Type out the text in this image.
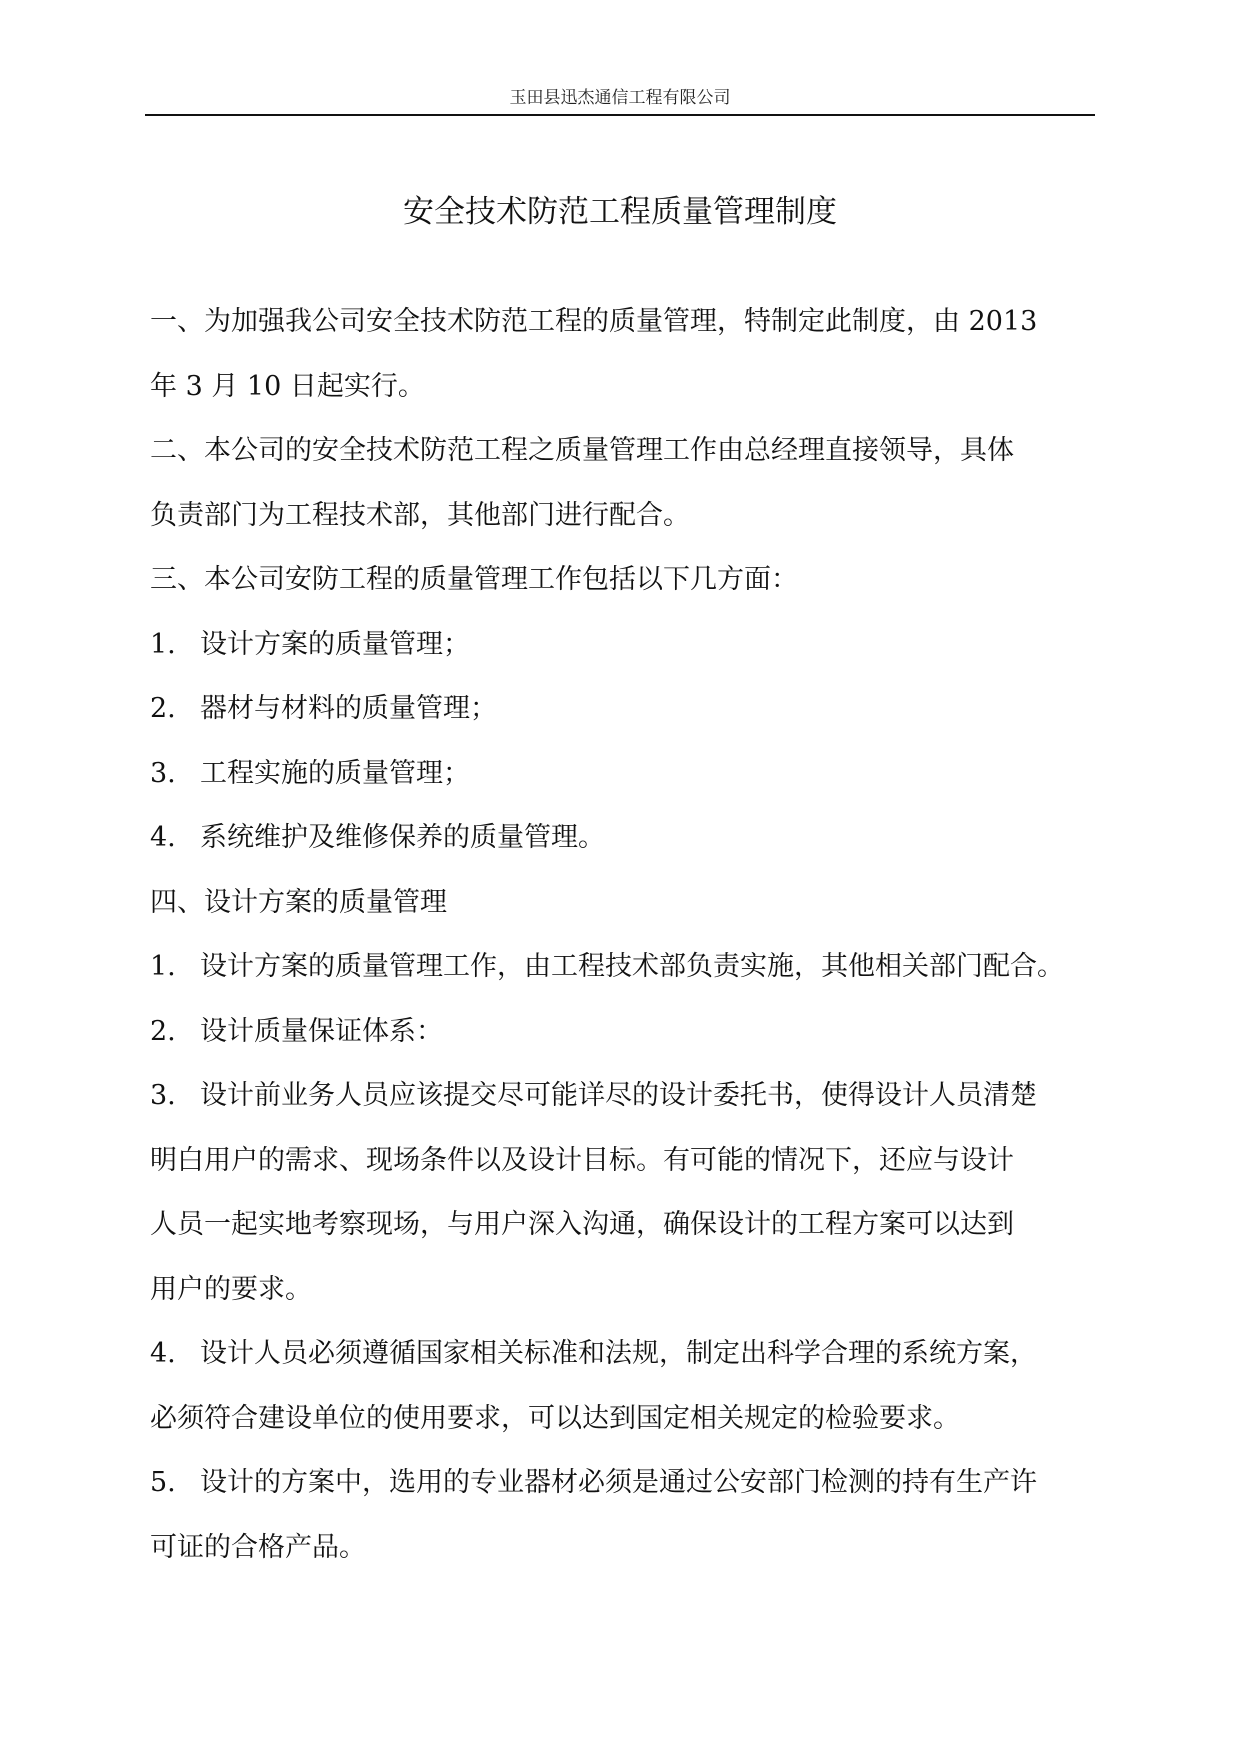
玉田县迅杰通信工程有限公司
安全技术防范工程质量管理制度

一、为加强我公司安全技术防范工程的质量管理，特制定此制度，由 2013

年 3 月 10 日起实行。

二、本公司的安全技术防范工程之质量管理工作由总经理直接领导，具体

负责部门为工程技术部，其他部门进行配合。

三、本公司安防工程的质量管理工作包括以下几方面：

1. 设计方案的质量管理；

2. 器材与材料的质量管理；

3. 工程实施的质量管理；

4. 系统维护及维修保养的质量管理。

四、设计方案的质量管理

1. 设计方案的质量管理工作，由工程技术部负责实施，其他相关部门配合。

2. 设计质量保证体系：

3. 设计前业务人员应该提交尽可能详尽的设计委托书，使得设计人员清楚

明白用户的需求、现场条件以及设计目标。有可能的情况下，还应与设计

人员一起实地考察现场，与用户深入沟通，确保设计的工程方案可以达到

用户的要求。

4. 设计人员必须遵循国家相关标准和法规，制定出科学合理的系统方案，

必须符合建设单位的使用要求，可以达到国定相关规定的检验要求。

5. 设计的方案中，选用的专业器材必须是通过公安部门检测的持有生产许

可证的合格产品。
